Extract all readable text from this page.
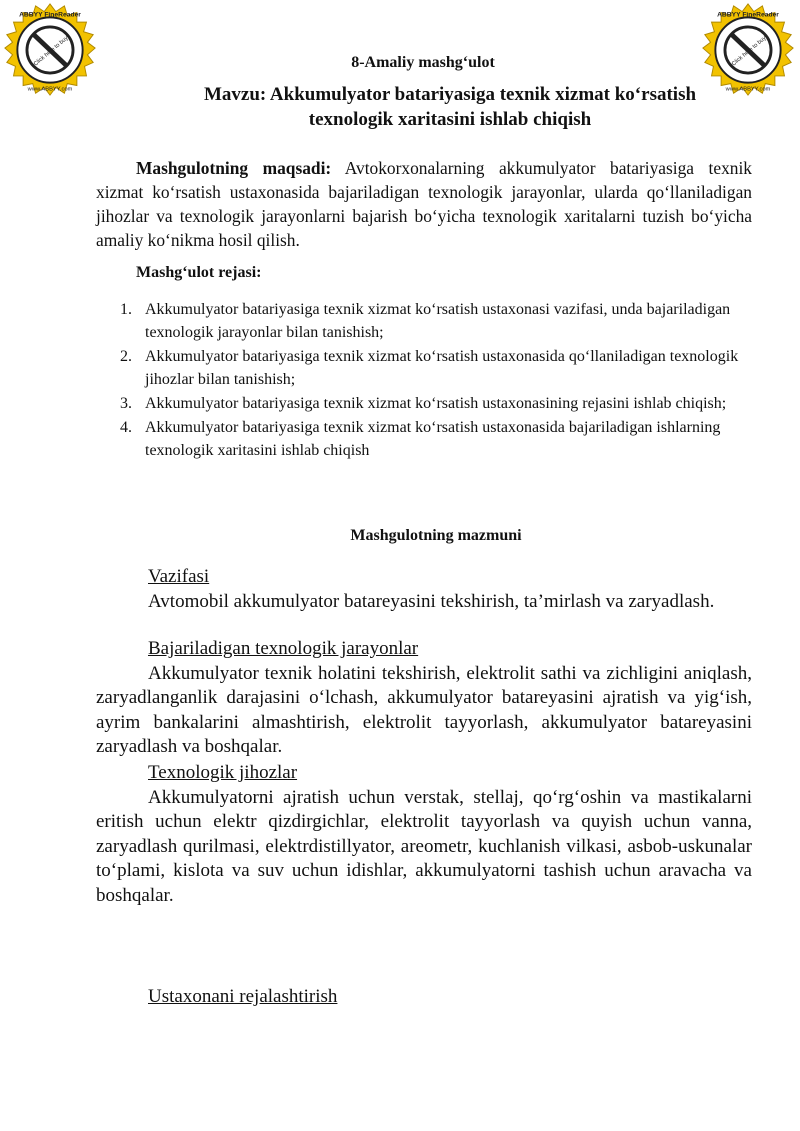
ABBYY FineReader
Click here to buy
www.ABBYY.com
ABBYY FineReader
Click here to buy
www.ABBYY.com
8-Amaliy mashg‘ulot
Mavzu: Akkumulyator batariyasiga texnik xizmat ko‘rsatish
texnologik xaritasini ishlab chiqish

Mashgulotning maqsadi: Avtokorxonalarning akkumulyator batariyasiga texnik xizmat ko‘rsatish ustaxonasida bajariladigan texnologik jarayonlar, ularda qo‘llaniladigan jihozlar va texnologik jarayonlarni bajarish bo‘yicha texnologik xaritalarni tuzish bo‘yicha amaliy ko‘nikma hosil qilish.

Mashg‘ulot rejasi:
1. Akkumulyator batariyasiga texnik xizmat ko‘rsatish ustaxonasi vazifasi, unda bajariladigan texnologik jarayonlar bilan tanishish;
2. Akkumulyator batariyasiga texnik xizmat ko‘rsatish ustaxonasida qo‘llaniladigan texnologik jihozlar bilan tanishish;
3. Akkumulyator batariyasiga texnik xizmat ko‘rsatish ustaxonasining rejasini ishlab chiqish;
4. Akkumulyator batariyasiga texnik xizmat ko‘rsatish ustaxonasida bajariladigan ishlarning texnologik xaritasini ishlab chiqish
Mashgulotning mazmuni
Vazifasi

Avtomobil akkumulyator batareyasini tekshirish, ta’mirlash va zaryadlash.

Bajariladigan texnologik jarayonlar

Akkumulyator texnik holatini tekshirish, elektrolit sathi va zichligini aniqlash, zaryadlanganlik darajasini o‘lchash, akkumulyator batareyasini ajratish va yig‘ish, ayrim bankalarini almashtirish, elektrolit tayyorlash, akkumulyator batareyasini zaryadlash va boshqalar.

Texnologik jihozlar

Akkumulyatorni ajratish uchun verstak, stellaj, qo‘rg‘oshin va mastikalarni eritish uchun elektr qizdirgichlar, elektrolit tayyorlash va quyish uchun vanna, zaryadlash qurilmasi, elektrdistillyator, areometr, kuchlanish vilkasi, asbob-uskunalar to‘plami, kislota va suv uchun idishlar, akkumulyatorni tashish uchun aravacha va boshqalar.

Ustaxonani rejalashtirish
